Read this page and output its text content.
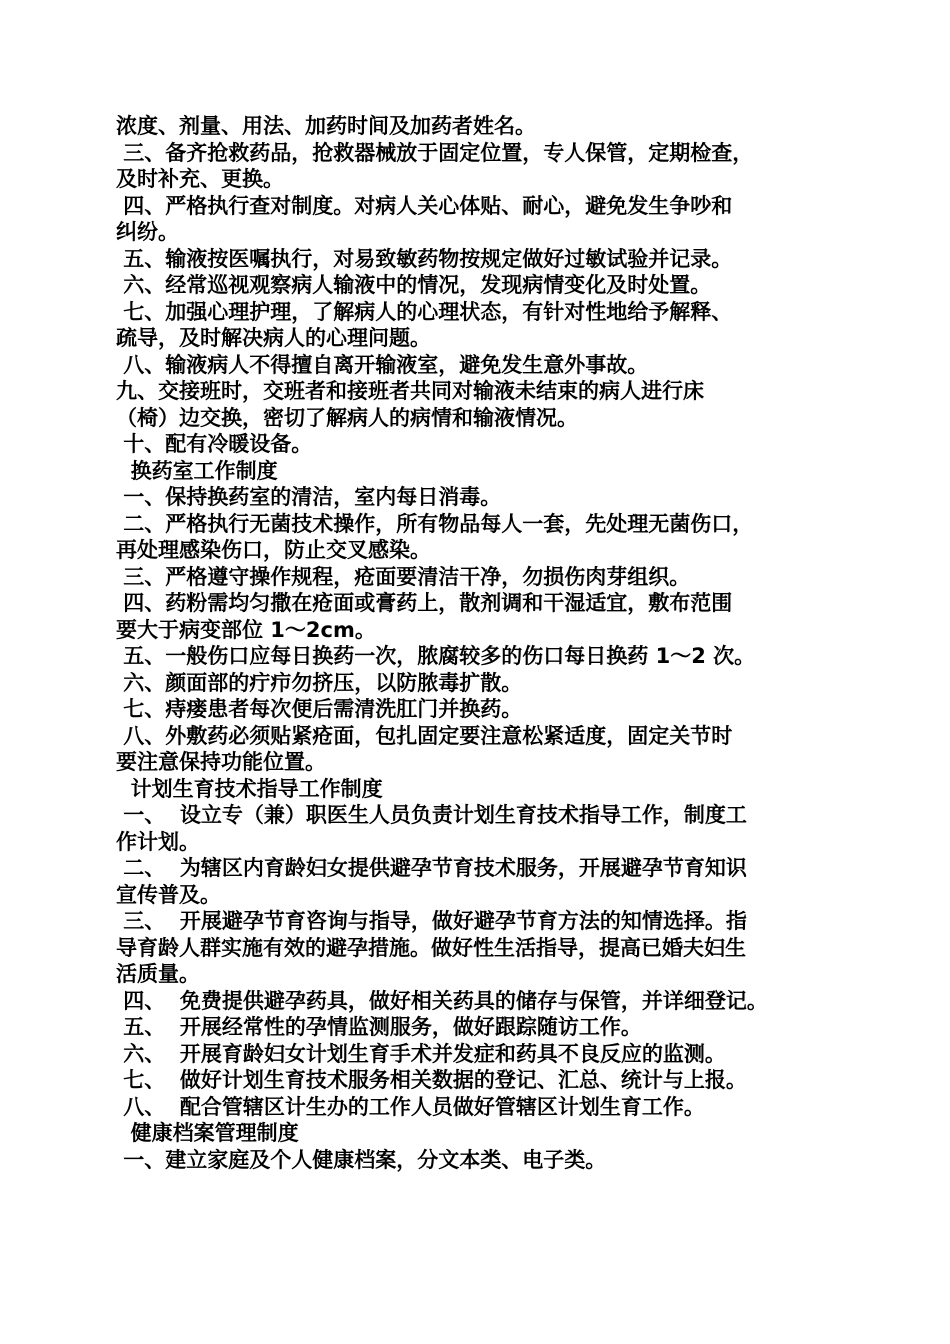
浓度、剂量、用法、加药时间及加药者姓名。
三、备齐抢救药品，抢救器械放于固定位置，专人保管，定期检查，
及时补充、更换。
四、严格执行查对制度。对病人关心体贴、耐心，避免发生争吵和
纠纷。
五、输液按医嘱执行，对易致敏药物按规定做好过敏试验并记录。
六、经常巡视观察病人输液中的情况，发现病情变化及时处置。
七、加强心理护理，了解病人的心理状态，有针对性地给予解释、
疏导，及时解决病人的心理问题。
八、输液病人不得擅自离开输液室，避免发生意外事故。
九、交接班时，交班者和接班者共同对输液未结束的病人进行床
（椅）边交换，密切了解病人的病情和输液情况。
十、配有冷暖设备。
换药室工作制度
一、保持换药室的清洁，室内每日消毒。
二、严格执行无菌技术操作，所有物品每人一套，先处理无菌伤口，
再处理感染伤口，防止交叉感染。
三、严格遵守操作规程，疮面要清洁干净，勿损伤肉芽组织。
四、药粉需均匀撒在疮面或膏药上，散剂调和干湿适宜，敷布范围
要大于病变部位 1～2cm。
五、一般伤口应每日换药一次，脓腐较多的伤口每日换药 1～2 次。
六、颜面部的疔疖勿挤压，以防脓毒扩散。
七、痔瘘患者每次便后需清洗肛门并换药。
八、外敷药必须贴紧疮面，包扎固定要注意松紧适度，固定关节时
要注意保持功能位置。
计划生育技术指导工作制度
一、  设立专（兼）职医生人员负责计划生育技术指导工作，制度工
作计划。
二、  为辖区内育龄妇女提供避孕节育技术服务，开展避孕节育知识
宣传普及。
三、  开展避孕节育咨询与指导，做好避孕节育方法的知情选择。指
导育龄人群实施有效的避孕措施。做好性生活指导，提高已婚夫妇生
活质量。
四、  免费提供避孕药具，做好相关药具的储存与保管，并详细登记。
五、  开展经常性的孕情监测服务，做好跟踪随访工作。
六、  开展育龄妇女计划生育手术并发症和药具不良反应的监测。
七、  做好计划生育技术服务相关数据的登记、汇总、统计与上报。
八、  配合管辖区计生办的工作人员做好管辖区计划生育工作。
健康档案管理制度
一、建立家庭及个人健康档案，分文本类、电子类。
